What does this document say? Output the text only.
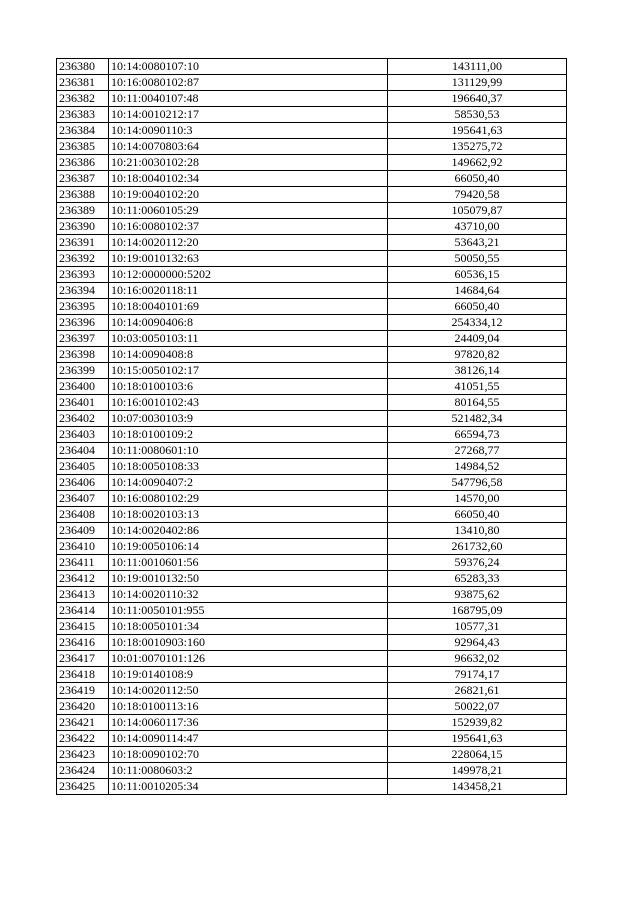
236380	10:14:0080107:10	143111,00
236381	10:16:0080102:87	131129,99
236382	10:11:0040107:48	196640,37
236383	10:14:0010212:17	58530,53
236384	10:14:0090110:3	195641,63
236385	10:14:0070803:64	135275,72
236386	10:21:0030102:28	149662,92
236387	10:18:0040102:34	66050,40
236388	10:19:0040102:20	79420,58
236389	10:11:0060105:29	105079,87
236390	10:16:0080102:37	43710,00
236391	10:14:0020112:20	53643,21
236392	10:19:0010132:63	50050,55
236393	10:12:0000000:5202	60536,15
236394	10:16:0020118:11	14684,64
236395	10:18:0040101:69	66050,40
236396	10:14:0090406:8	254334,12
236397	10:03:0050103:11	24409,04
236398	10:14:0090408:8	97820,82
236399	10:15:0050102:17	38126,14
236400	10:18:0100103:6	41051,55
236401	10:16:0010102:43	80164,55
236402	10:07:0030103:9	521482,34
236403	10:18:0100109:2	66594,73
236404	10:11:0080601:10	27268,77
236405	10:18:0050108:33	14984,52
236406	10:14:0090407:2	547796,58
236407	10:16:0080102:29	14570,00
236408	10:18:0020103:13	66050,40
236409	10:14:0020402:86	13410,80
236410	10:19:0050106:14	261732,60
236411	10:11:0010601:56	59376,24
236412	10:19:0010132:50	65283,33
236413	10:14:0020110:32	93875,62
236414	10:11:0050101:955	168795,09
236415	10:18:0050101:34	10577,31
236416	10:18:0010903:160	92964,43
236417	10:01:0070101:126	96632,02
236418	10:19:0140108:9	79174,17
236419	10:14:0020112:50	26821,61
236420	10:18:0100113:16	50022,07
236421	10:14:0060117:36	152939,82
236422	10:14:0090114:47	195641,63
236423	10:18:0090102:70	228064,15
236424	10:11:0080603:2	149978,21
236425	10:11:0010205:34	143458,21
